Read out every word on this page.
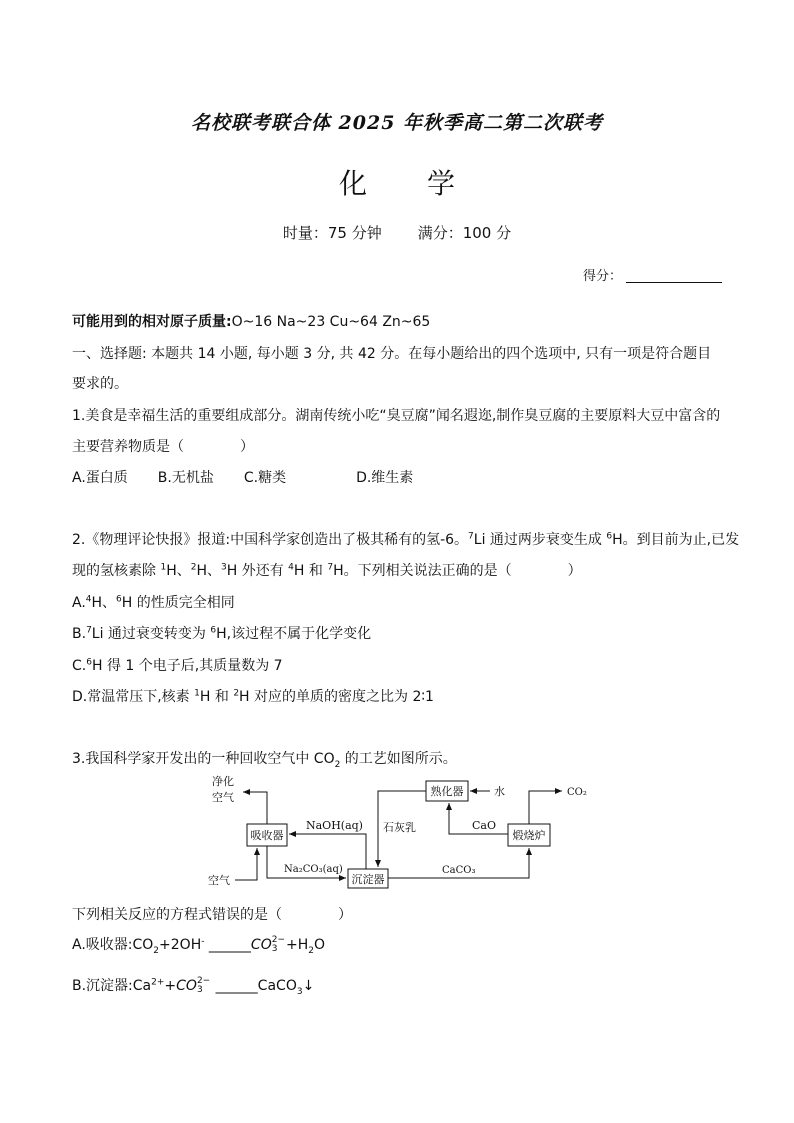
名校联考联合体 2025 年秋季高二第二次联考
化 学
时量：75 分钟 满分：100 分
得分：
可能用到的相对原子质量:O~16 Na~23 Cu~64 Zn~65
一、选择题: 本题共 14 小题, 每小题 3 分, 共 42 分。在每小题给出的四个选项中, 只有一项是符合题目
要求的。
1.美食是幸福生活的重要组成部分。湖南传统小吃“臭豆腐”闻名遐迩,制作臭豆腐的主要原料大豆中富含的
主要营养物质是（　　　　）
A.蛋白质 B.无机盐 C.糖类	D.维生素
2.《物理评论快报》报道:中国科学家创造出了极其稀有的氢-6。$^7$Li 通过两步衰变生成 $^6$H。到目前为止,已发
现的氢核素除 $^1$H、$^2$H、$^3$H 外还有 $^4$H 和 $^7$H。下列相关说法正确的是（　　　　）
A.$^4$H、$^6$H 的性质完全相同
B.$^7$Li 通过衰变转变为 $^6$H,该过程不属于化学变化
C.$^6$H 得 1 个电子后,其质量数为 7
D.常温常压下,核素 $^1$H 和 $^2$H 对应的单质的密度之比为 2∶1
3.我国科学家开发出的一种回收空气中 $CO_2$ 的工艺如图所示。
吸收器
沉淀器
熟化器
煅烧炉
净化
空气
空气
NaOH(aq)
Na₂CO₃(aq)
石灰乳
水
CaCO₃
CaO
CO₂
下列相关反应的方程式错误的是（　　　　）
A.吸收器$:CO_2+2OH^-$ ______CO 2−
$3 +H_2O$
B.沉淀器$:Ca^{2+}+CO$ 2−
3 ______CaCO$_3$↓
